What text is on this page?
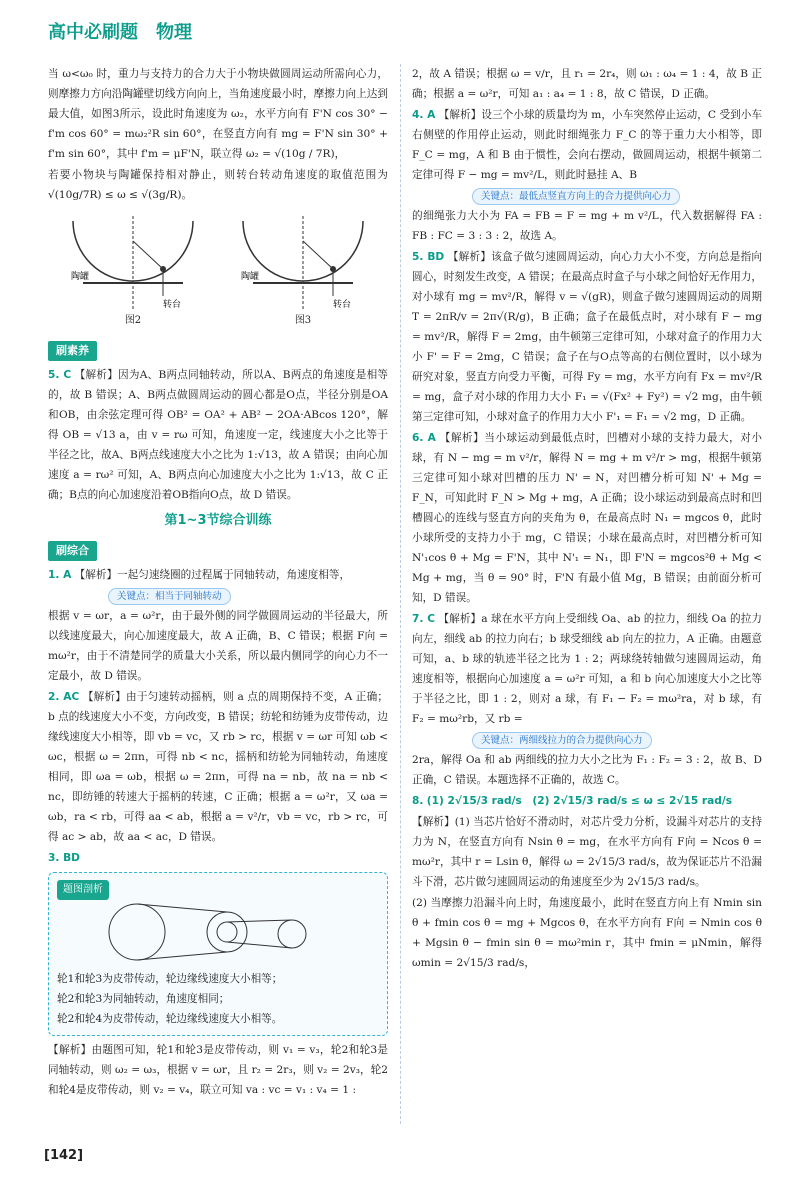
高中必刷题　物理

当 ω<ω₀ 时，重力与支持力的合力大于小物块做圆周运动所需向心力，则摩擦力方向沿陶罐壁切线方向向上，当角速度最小时，摩擦力向上达到最大值，如图3所示，设此时角速度为 ω₂，水平方向有 F'N cos 30° − f'm cos 60° = mω₂²R sin 60°，在竖直方向有 mg = F'N sin 30° + f'm sin 60°，其中 f'm = μF'N，联立得 ω₂ = √(10g / 7R)，

若要小物块与陶罐保持相对静止，则转台转动角速度的取值范围为 √(10g/7R) ≤ ω ≤ √(3g/R)。

陶罐
转台
图2
陶罐
转台
图3
刷素养

5. C 【解析】因为A、B两点同轴转动，所以A、B两点的角速度是相等的，故 B 错误；A、B两点做圆周运动的圆心都是O点，半径分别是OA和OB，由余弦定理可得 OB² = OA² + AB² − 2OA·ABcos 120°，解得 OB = √13 a，由 v = rω 可知，角速度一定，线速度大小之比等于半径之比，故A、B两点线速度大小之比为 1:√13，故 A 错误；由向心加速度 a = rω² 可知，A、B两点向心加速度大小之比为 1:√13，故 C 正确；B点的向心加速度沿着OB指向O点，故 D 错误。

第1~3节综合训练
刷综合

1. A 【解析】一起匀速绕圈的过程属于同轴转动，角速度相等，

关键点：相当于同轴转动

根据 v = ωr，a = ω²r，由于最外侧的同学做圆周运动的半径最大，所以线速度最大，向心加速度最大，故 A 正确，B、C 错误；根据 F向 = mω²r，由于不清楚同学的质量大小关系，所以最内侧同学的向心力不一定最小，故 D 错误。

2. AC 【解析】由于匀速转动摇柄，则 a 点的周期保持不变，A 正确；b 点的线速度大小不变，方向改变，B 错误；纺轮和纺锤为皮带传动，边缘线速度大小相等，即 vb = vc，又 rb > rc，根据 v = ωr 可知 ωb < ωc，根据 ω = 2πn，可得 nb < nc，摇柄和纺轮为同轴转动，角速度相同，即 ωa = ωb，根据 ω = 2πn，可得 na = nb，故 na = nb < nc，即纺锤的转速大于摇柄的转速，C 正确；根据 a = ω²r，又 ωa = ωb，ra < rb，可得 aa < ab，根据 a = v²/r，vb = vc，rb > rc，可得 ac > ab，故 aa < ac，D 错误。

3. BD

题图剖析
轮1和轮3为皮带传动，轮边缘线速度大小相等；
轮2和轮3为同轴转动，角速度相同；
轮2和轮4为皮带传动，轮边缘线速度大小相等。

【解析】由题图可知，轮1和轮3是皮带传动，则 v₁ = v₃，轮2和轮3是同轴转动，则 ω₂ = ω₃，根据 v = ωr，且 r₂ = 2r₃，则 v₂ = 2v₃，轮2和轮4是皮带传动，则 v₂ = v₄，联立可知 va : vc = v₁ : v₄ = 1 :

2，故 A 错误；根据 ω = v/r，且 r₁ = 2r₄，则 ω₁ : ω₄ = 1 : 4，故 B 正确；根据 a = ω²r，可知 a₁ : a₄ = 1 : 8，故 C 错误，D 正确。

4. A 【解析】设三个小球的质量均为 m，小车突然停止运动，C 受到小车右侧壁的作用停止运动，则此时细绳张力 F_C 的等于重力大小相等，即 F_C = mg，A 和 B 由于惯性，会向右摆动，做圆周运动，根据牛顿第二定律可得 F − mg = mv²/L，则此时悬挂 A、B

关键点：最低点竖直方向上的合力提供向心力

的细绳张力大小为 FA = FB = F = mg + m v²/L，代入数据解得 FA : FB : FC = 3 : 3 : 2，故选 A。

5. BD 【解析】该盒子做匀速圆周运动，向心力大小不变，方向总是指向圆心，时刻发生改变，A 错误；在最高点时盒子与小球之间恰好无作用力，对小球有 mg = mv²/R，解得 v = √(gR)，则盒子做匀速圆周运动的周期 T = 2πR/v = 2π√(R/g)，B 正确；盒子在最低点时，对小球有 F − mg = mv²/R，解得 F = 2mg，由牛顿第三定律可知，小球对盒子的作用力大小 F' = F = 2mg，C 错误；盒子在与O点等高的右侧位置时，以小球为研究对象，竖直方向受力平衡，可得 Fy = mg，水平方向有 Fx = mv²/R = mg，盒子对小球的作用力大小 F₁ = √(Fx² + Fy²) = √2 mg，由牛顿第三定律可知，小球对盒子的作用力大小 F'₁ = F₁ = √2 mg，D 正确。

6. A 【解析】当小球运动到最低点时，凹槽对小球的支持力最大，对小球，有 N − mg = m v²/r，解得 N = mg + m v²/r > mg，根据牛顿第三定律可知小球对凹槽的压力 N' = N，对凹槽分析可知 N' + Mg = F_N，可知此时 F_N > Mg + mg，A 正确；设小球运动到最高点时和凹槽圆心的连线与竖直方向的夹角为 θ，在最高点时 N₁ = mgcos θ，此时小球所受的支持力小于 mg，C 错误；小球在最高点时，对凹槽分析可知 N'₁cos θ + Mg = F'N，其中 N'₁ = N₁，即 F'N = mgcos²θ + Mg < Mg + mg，当 θ = 90° 时，F'N 有最小值 Mg，B 错误；由前面分析可知，D 错误。

7. C 【解析】a 球在水平方向上受细线 Oa、ab 的拉力，细线 Oa 的拉力向左，细线 ab 的拉力向右；b 球受细线 ab 向左的拉力，A 正确。由题意可知，a、b 球的轨迹半径之比为 1 : 2；两球绕转轴做匀速圆周运动，角速度相等，根据向心加速度 a = ω²r 可知，a 和 b 向心加速度大小之比等于半径之比，即 1 : 2，则对 a 球，有 F₁ − F₂ = mω²ra，对 b 球，有 F₂ = mω²rb，又 rb =

关键点：两细线拉力的合力提供向心力

2ra，解得 Oa 和 ab 两细线的拉力大小之比为 F₁ : F₂ = 3 : 2，故 B、D 正确，C 错误。本题选择不正确的，故选 C。

8. (1) 2√15/3 rad/s　(2) 2√15/3 rad/s ≤ ω ≤ 2√15 rad/s

【解析】(1) 当芯片恰好不滑动时，对芯片受力分析，设漏斗对芯片的支持力为 N，在竖直方向有 Nsin θ = mg，在水平方向有 F向 = Ncos θ = mω²r，其中 r = Lsin θ，解得 ω = 2√15/3 rad/s，故为保证芯片不沿漏斗下滑，芯片做匀速圆周运动的角速度至少为 2√15/3 rad/s。

(2) 当摩擦力沿漏斗向上时，角速度最小，此时在竖直方向上有 Nmin sin θ + fmin cos θ = mg + Mgcos θ，在水平方向有 F向 = Nmin cos θ + Mgsin θ − fmin sin θ = mω²min r，其中 fmin = μNmin，解得 ωmin = 2√15/3 rad/s，

[142]
